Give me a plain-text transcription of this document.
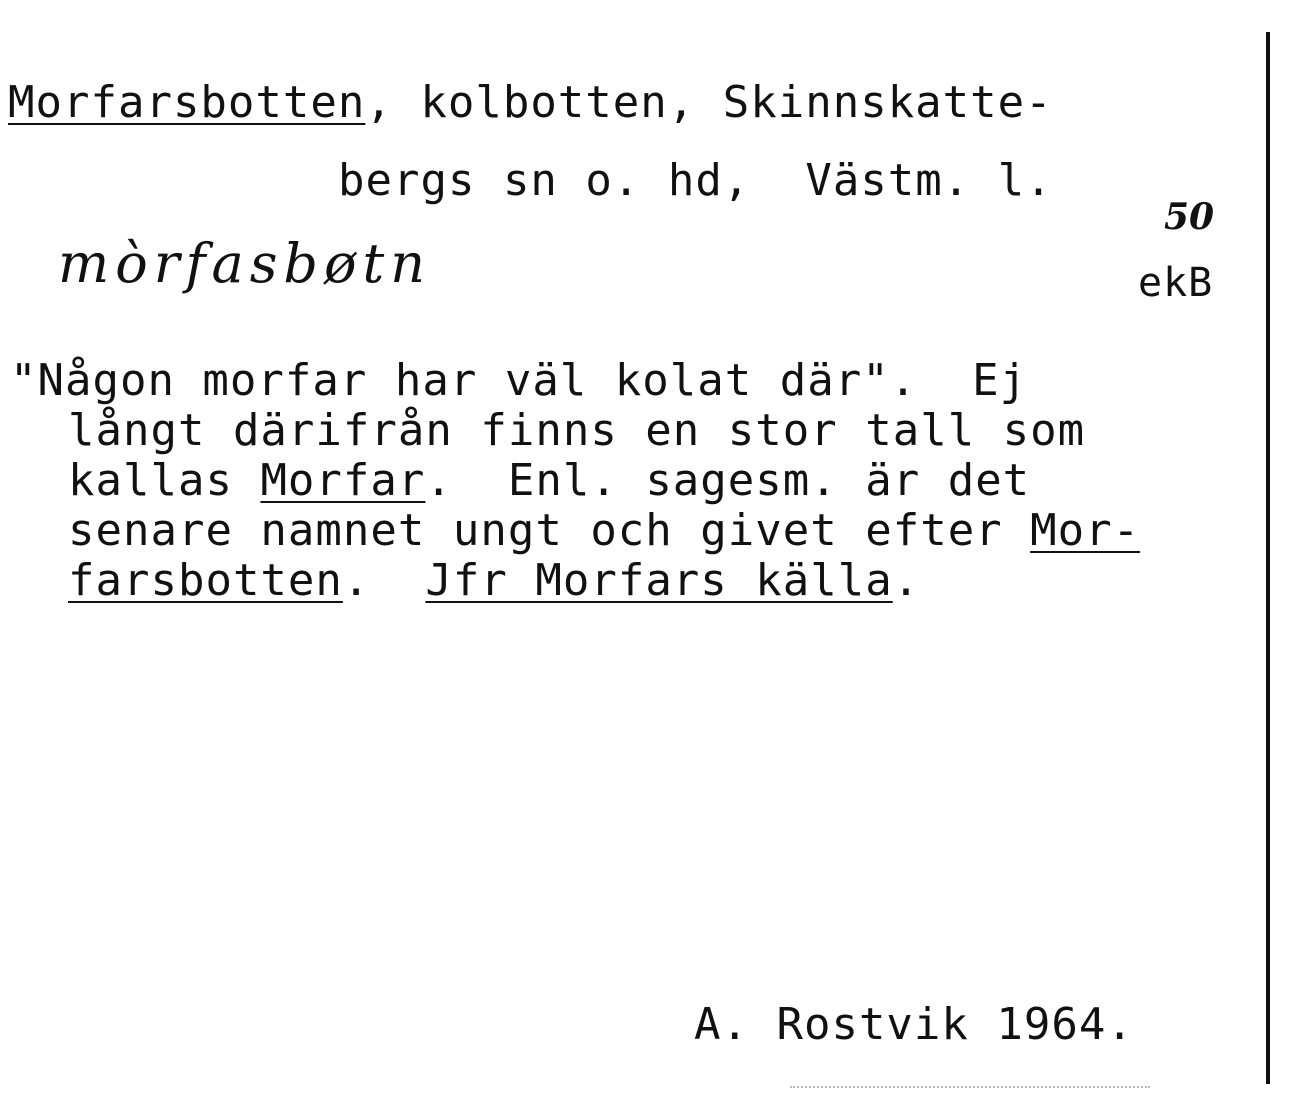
Morfarsbotten, kolbotten, Skinnskatte-
bergs sn o. hd,  Västm. l.
mòrfasbøtn
50
ekB
"Någon morfar har väl kolat där".  Ej
långt därifrån finns en stor tall som
kallas Morfar.  Enl. sagesm. är det
senare namnet ungt och givet efter Mor-
farsbotten.  Jfr Morfars källa.
A. Rostvik 1964.
